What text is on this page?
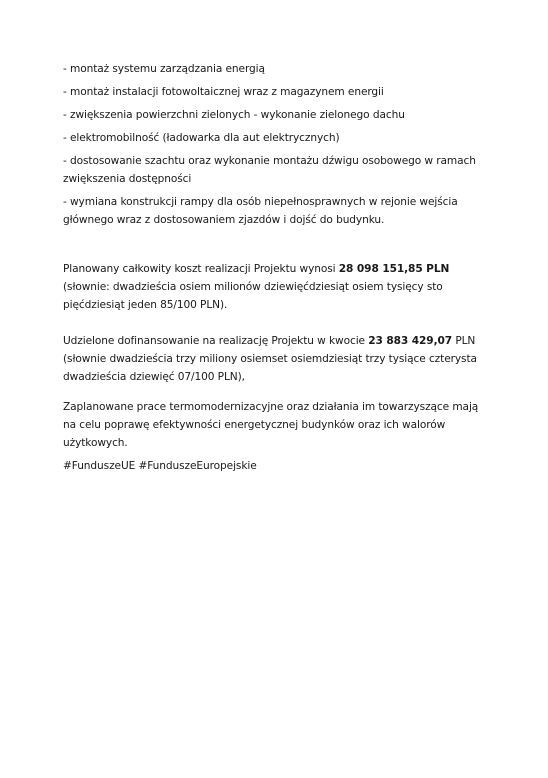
- montaż systemu zarządzania energią

- montaż instalacji fotowoltaicznej wraz z magazynem energii

- zwiększenia powierzchni zielonych - wykonanie zielonego dachu

- elektromobilność (ładowarka dla aut elektrycznych)

- dostosowanie szachtu oraz wykonanie montażu dźwigu osobowego w ramach zwiększenia dostępności

- wymiana konstrukcji rampy dla osób niepełnosprawnych w rejonie wejścia głównego wraz z dostosowaniem zjazdów i dojść do budynku.

Planowany całkowity koszt realizacji Projektu wynosi 28 098 151,85 PLN (słownie: dwadzieścia osiem milionów dziewięćdziesiąt osiem tysięcy sto pięćdziesiąt jeden 85/100 PLN).

Udzielone dofinansowanie na realizację Projektu w kwocie 23 883 429,07 PLN (słownie dwadzieścia trzy miliony osiemset osiemdziesiąt trzy tysiące czterysta dwadzieścia dziewięć 07/100 PLN),

Zaplanowane prace termomodernizacyjne oraz działania im towarzyszące mają na celu poprawę efektywności energetycznej budynków oraz ich walorów użytkowych.

#FunduszeUE #FunduszeEuropejskie
